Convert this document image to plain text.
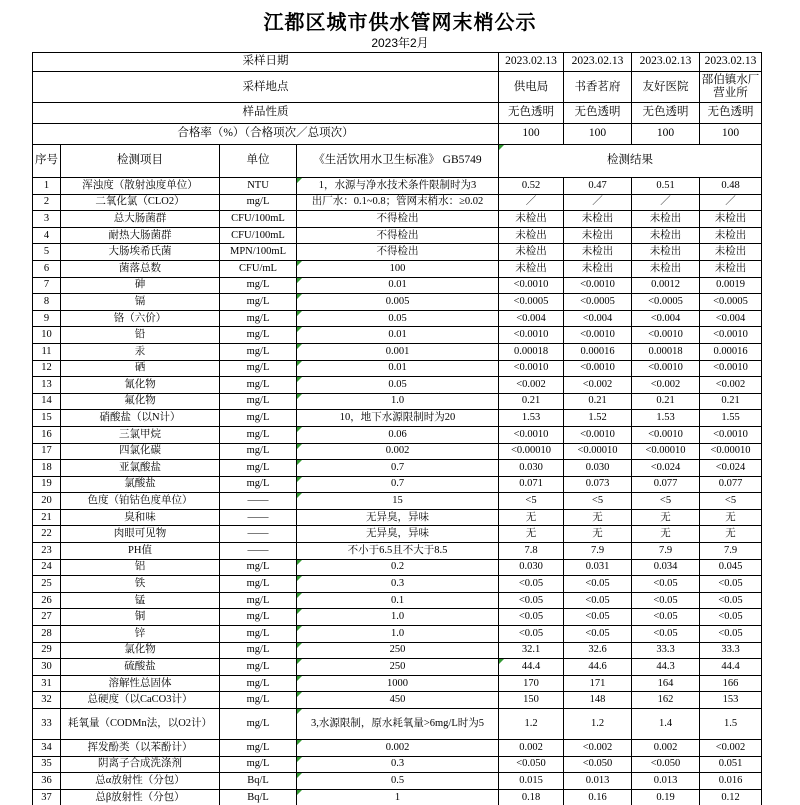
江都区城市供水管网末梢公示
2023年2月
采样日期				2023.02.13	2023.02.13	2023.02.13	2023.02.13
采样地点				供电局	书香茗府	友好医院	邵伯镇水厂营业所
样品性质				无色透明	无色透明	无色透明	无色透明
合格率（%）（合格项次／总项次）				100	100	100	100
序号	检测项目	单位	《生活饮用水卫生标准》 GB5749	检测结果			
1	浑浊度（散射浊度单位）	NTU	1，水源与净水技术条件限制时为3	0.52	0.47	0.51	0.48
2	二氧化氯（CLO2）	mg/L	出厂水：0.1~0.8；管网末梢水：≥0.02	／	／	／	／
3	总大肠菌群	CFU/100mL	不得检出	未检出	未检出	未检出	未检出
4	耐热大肠菌群	CFU/100mL	不得检出	未检出	未检出	未检出	未检出
5	大肠埃希氏菌	MPN/100mL	不得检出	未检出	未检出	未检出	未检出
6	菌落总数	CFU/mL	100	未检出	未检出	未检出	未检出
7	砷	mg/L	0.01	<0.0010	<0.0010	0.0012	0.0019
8	镉	mg/L	0.005	<0.0005	<0.0005	<0.0005	<0.0005
9	铬（六价）	mg/L	0.05	<0.004	<0.004	<0.004	<0.004
10	铅	mg/L	0.01	<0.0010	<0.0010	<0.0010	<0.0010
11	汞	mg/L	0.001	0.00018	0.00016	0.00018	0.00016
12	硒	mg/L	0.01	<0.0010	<0.0010	<0.0010	<0.0010
13	氰化物	mg/L	0.05	<0.002	<0.002	<0.002	<0.002
14	氟化物	mg/L	1.0	0.21	0.21	0.21	0.21
15	硝酸盐（以N计）	mg/L	10，地下水源限制时为20	1.53	1.52	1.53	1.55
16	三氯甲烷	mg/L	0.06	<0.0010	<0.0010	<0.0010	<0.0010
17	四氯化碳	mg/L	0.002	<0.00010	<0.00010	<0.00010	<0.00010
18	亚氯酸盐	mg/L	0.7	0.030	0.030	<0.024	<0.024
19	氯酸盐	mg/L	0.7	0.071	0.073	0.077	0.077
20	色度（铂钴色度单位）	——	15	<5	<5	<5	<5
21	臭和味	——	无异臭，异味	无	无	无	无
22	肉眼可见物	——	无异臭，异味	无	无	无	无
23	PH值	——	不小于6.5且不大于8.5	7.8	7.9	7.9	7.9
24	铝	mg/L	0.2	0.030	0.031	0.034	0.045
25	铁	mg/L	0.3	<0.05	<0.05	<0.05	<0.05
26	锰	mg/L	0.1	<0.05	<0.05	<0.05	<0.05
27	铜	mg/L	1.0	<0.05	<0.05	<0.05	<0.05
28	锌	mg/L	1.0	<0.05	<0.05	<0.05	<0.05
29	氯化物	mg/L	250	32.1	32.6	33.3	33.3
30	硫酸盐	mg/L	250	44.4	44.6	44.3	44.4
31	溶解性总固体	mg/L	1000	170	171	164	166
32	总硬度（以CaCO3计）	mg/L	450	150	148	162	153
33	耗氧量（CODMn法，以O2计）	mg/L	3,水源限制，原水耗氧量>6mg/L时为5	1.2	1.2	1.4	1.5
34	挥发酚类（以苯酚计）	mg/L	0.002	0.002	<0.002	0.002	<0.002
35	阴离子合成洗涤剂	mg/L	0.3	<0.050	<0.050	<0.050	0.051
36	总α放射性（分包）	Bq/L	0.5	0.015	0.013	0.013	0.016
37	总β放射性（分包）	Bq/L	1	0.18	0.16	0.19	0.12
